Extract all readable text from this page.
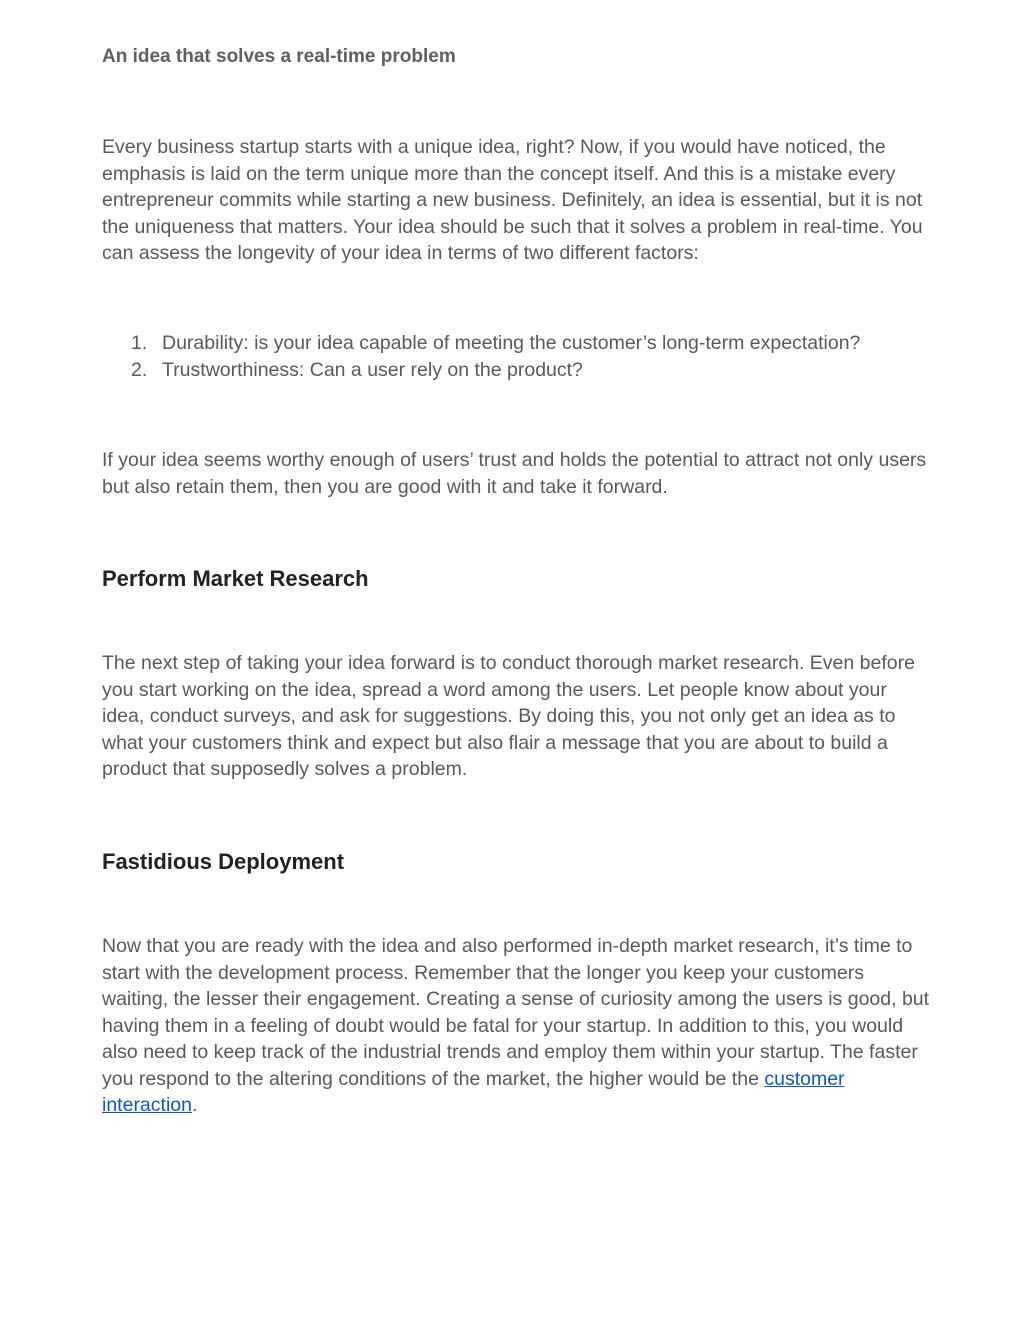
An idea that solves a real-time problem

Every business startup starts with a unique idea, right? Now, if you would have noticed, the emphasis is laid on the term unique more than the concept itself. And this is a mistake every entrepreneur commits while starting a new business. Definitely, an idea is essential, but it is not the uniqueness that matters. Your idea should be such that it solves a problem in real-time. You can assess the longevity of your idea in terms of two different factors:

1. Durability: is your idea capable of meeting the customer’s long-term expectation?
2. Trustworthiness: Can a user rely on the product?

If your idea seems worthy enough of users’ trust and holds the potential to attract not only users but also retain them, then you are good with it and take it forward.

Perform Market Research

The next step of taking your idea forward is to conduct thorough market research. Even before you start working on the idea, spread a word among the users. Let people know about your idea, conduct surveys, and ask for suggestions. By doing this, you not only get an idea as to what your customers think and expect but also flair a message that you are about to build a product that supposedly solves a problem.

Fastidious Deployment

Now that you are ready with the idea and also performed in-depth market research, it’s time to start with the development process. Remember that the longer you keep your customers waiting, the lesser their engagement. Creating a sense of curiosity among the users is good, but having them in a feeling of doubt would be fatal for your startup. In addition to this, you would also need to keep track of the industrial trends and employ them within your startup. The faster you respond to the altering conditions of the market, the higher would be the customer interaction.
